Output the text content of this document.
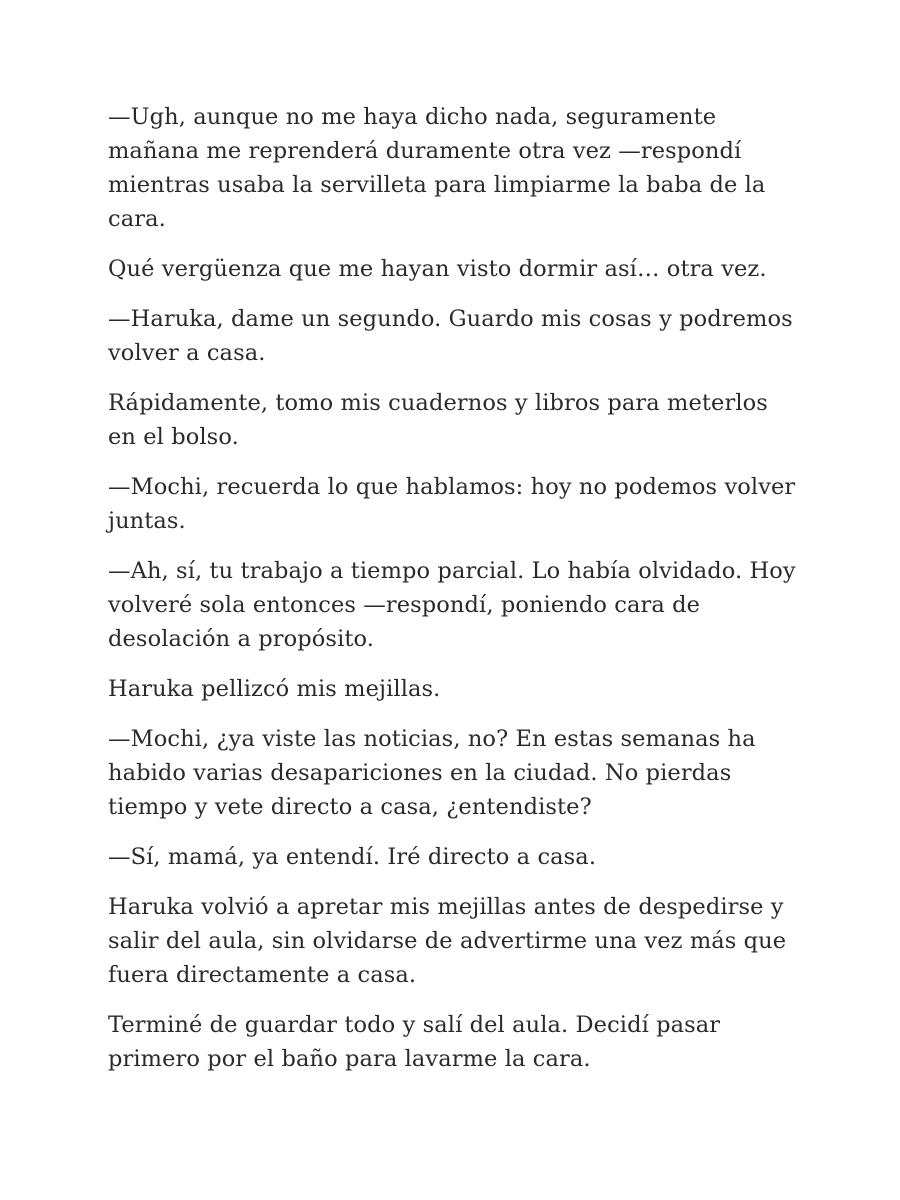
—Ugh, aunque no me haya dicho nada, seguramente mañana me reprenderá duramente otra vez —respondí mientras usaba la servilleta para limpiarme la baba de la cara.

Qué vergüenza que me hayan visto dormir así… otra vez.

—Haruka, dame un segundo. Guardo mis cosas y podremos volver a casa.

Rápidamente, tomo mis cuadernos y libros para meterlos en el bolso.

—Mochi, recuerda lo que hablamos: hoy no podemos volver juntas.

—Ah, sí, tu trabajo a tiempo parcial. Lo había olvidado. Hoy volveré sola entonces —respondí, poniendo cara de desolación a propósito.

Haruka pellizcó mis mejillas.

—Mochi, ¿ya viste las noticias, no? En estas semanas ha habido varias desapariciones en la ciudad. No pierdas tiempo y vete directo a casa, ¿entendiste?

—Sí, mamá, ya entendí. Iré directo a casa.

Haruka volvió a apretar mis mejillas antes de despedirse y salir del aula, sin olvidarse de advertirme una vez más que fuera directamente a casa.

Terminé de guardar todo y salí del aula. Decidí pasar primero por el baño para lavarme la cara.
